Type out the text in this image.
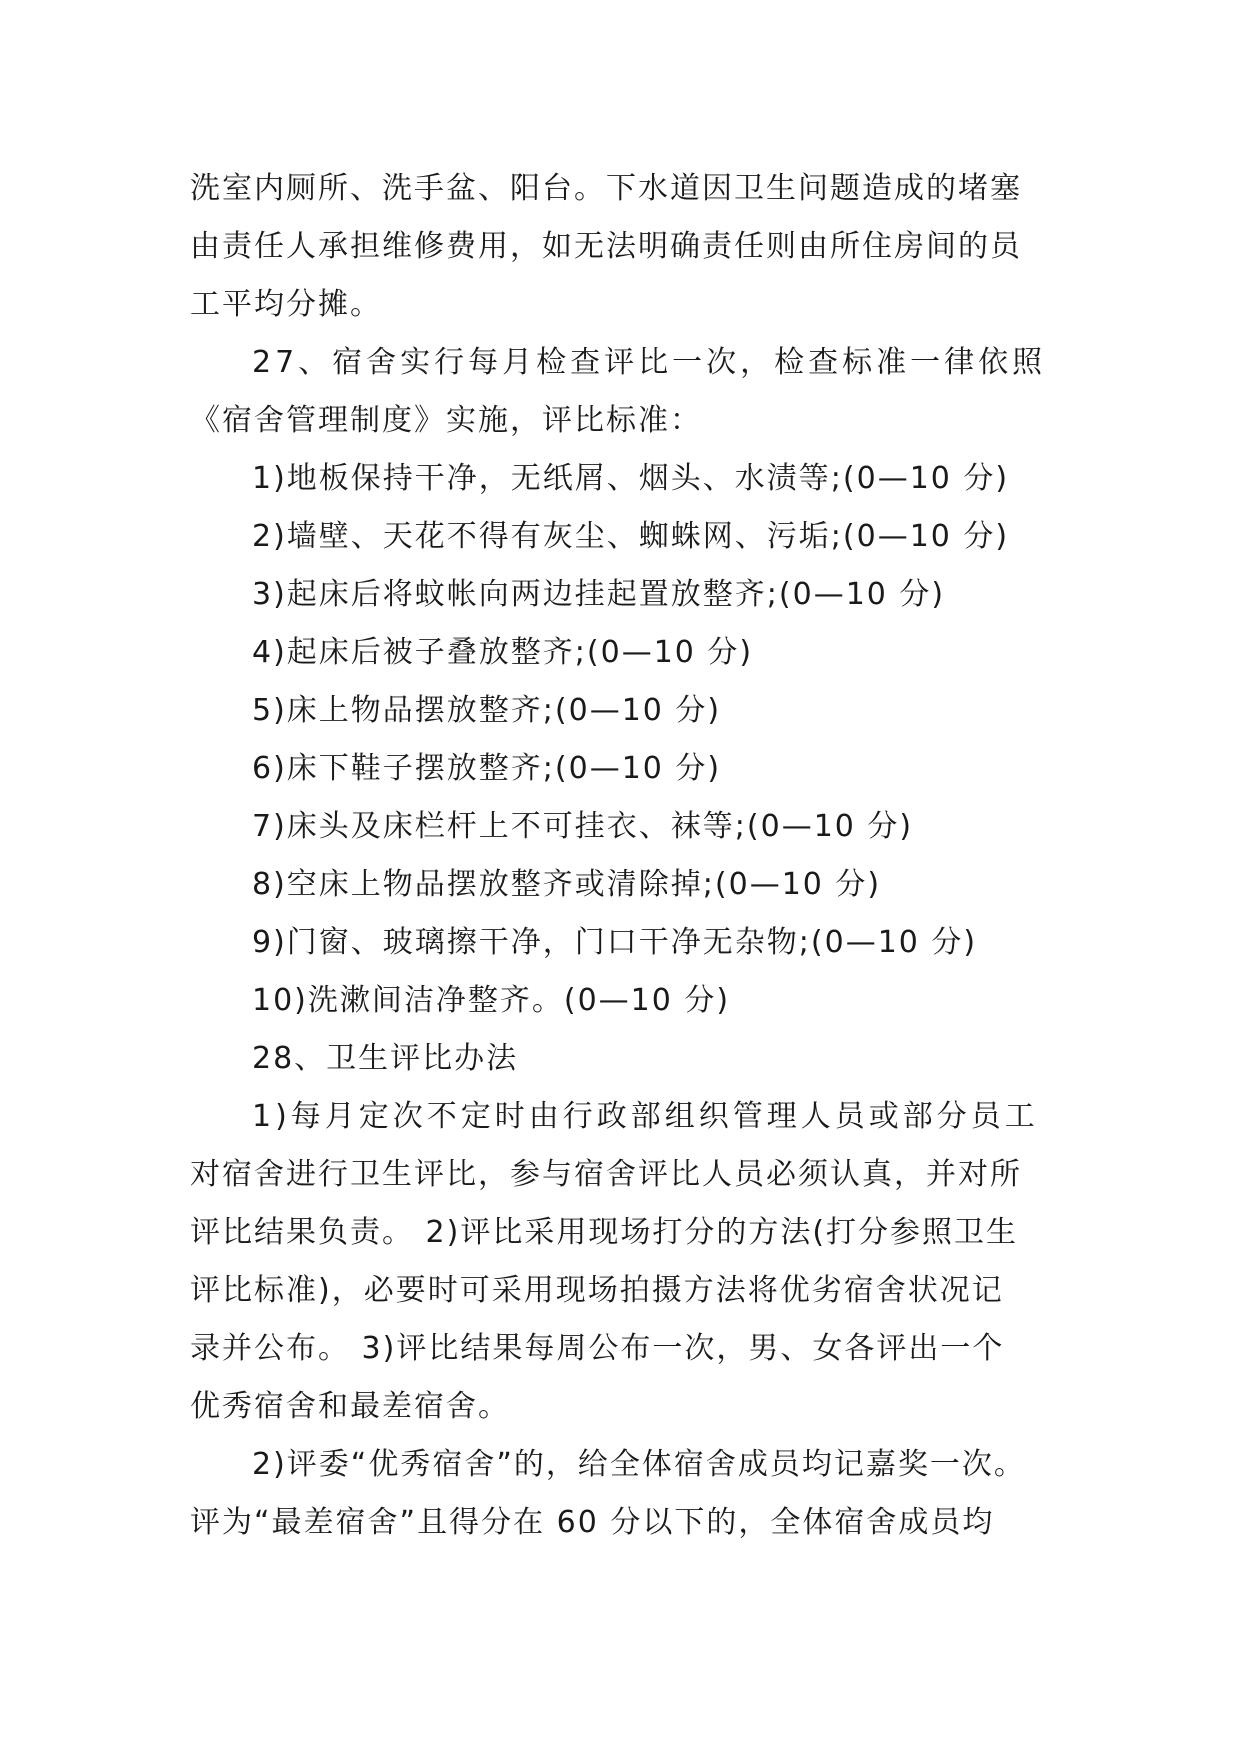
洗室内厕所、洗手盆、阳台。下水道因卫生问题造成的堵塞
由责任人承担维修费用，如无法明确责任则由所住房间的员
工平均分摊。
27、宿舍实行每月检查评比一次，检查标准一律依照
《宿舍管理制度》实施，评比标准：
1)地板保持干净，无纸屑、烟头、水渍等;(0—10 分)
2)墙壁、天花不得有灰尘、蜘蛛网、污垢;(0—10 分)
3)起床后将蚊帐向两边挂起置放整齐;(0—10 分)
4)起床后被子叠放整齐;(0—10 分)
5)床上物品摆放整齐;(0—10 分)
6)床下鞋子摆放整齐;(0—10 分)
7)床头及床栏杆上不可挂衣、袜等;(0—10 分)
8)空床上物品摆放整齐或清除掉;(0—10 分)
9)门窗、玻璃擦干净，门口干净无杂物;(0—10 分)
10)洗漱间洁净整齐。(0—10 分)
28、卫生评比办法
1)每月定次不定时由行政部组织管理人员或部分员工
对宿舍进行卫生评比，参与宿舍评比人员必须认真，并对所
评比结果负责。 2)评比采用现场打分的方法(打分参照卫生
评比标准)，必要时可采用现场拍摄方法将优劣宿舍状况记
录并公布。 3)评比结果每周公布一次，男、女各评出一个
优秀宿舍和最差宿舍。
2)评委“优秀宿舍”的，给全体宿舍成员均记嘉奖一次。
评为“最差宿舍”且得分在 60 分以下的，全体宿舍成员均
